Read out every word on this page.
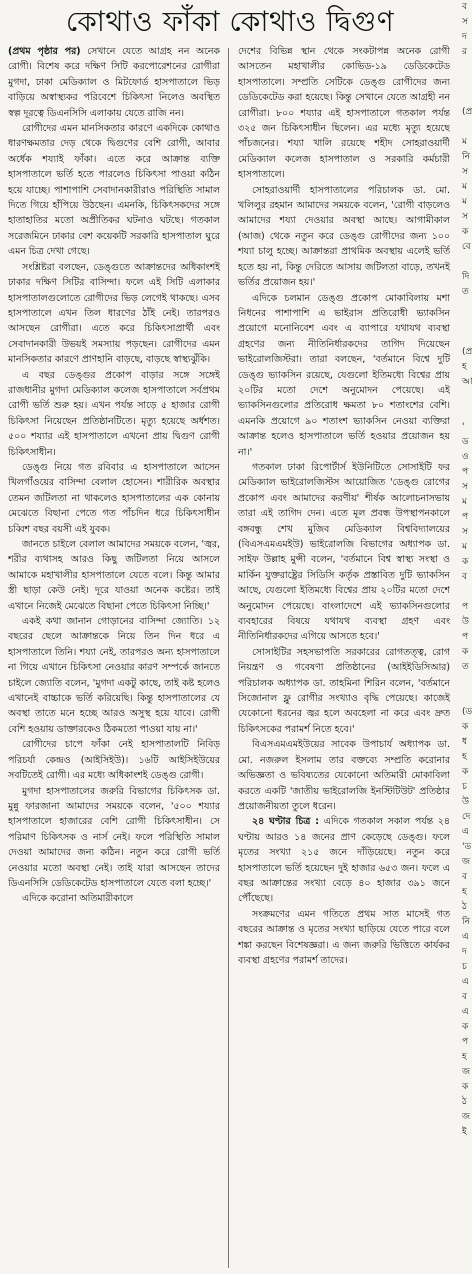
কোথাও ফাঁকা কোথাও দ্বিগুণ

(প্রথম পৃষ্ঠার পর) সেখানে যেতে আগ্রহ নন অনেক রোগী। বিশেষ করে দক্ষিণ সিটি করপোরেশনের রোগীরা মুগদা, ঢাকা মেডিক্যাল ও মিটফোর্ড হাসপাতালে ভিড় বাড়িয়ে অস্বাস্থ্যকর পরিবেশে চিকিৎসা নিলেও অবস্থিত স্বল্প দূরত্বে ডিএনসিসি এলাকায় যেতে রাজি নন।

রোগীদের এমন মানসিকতার কারণে একদিকে কোথাও ধারণক্ষমতার দেড় থেকে দ্বিগুণের বেশি রোগী, আবার অর্ধেক শয্যাই ফাঁকা। এতে করে আক্রান্ত ব্যক্তি হাসপাতালে ভর্তি হতে পারলেও চিকিৎসা পাওয়া কঠিন হয়ে যাচ্ছে। পাশাপাশি সেবাদানকারীরাও পরিস্থিতি সামাল দিতে গিয়ে হাঁপিয়ে উঠছেন। এমনকি, চিকিৎসকদের সঙ্গে হাতাহাতির মতো অপ্রীতিকর ঘটনাও ঘটছে। গতকাল সরেজমিনে ঢাকার বেশ কয়েকটি সরকারি হাসপাতাল ঘুরে এমন চিত্র দেখা গেছে।

সংশ্লিষ্টরা বলছেন, ডেঙ্গুতে আক্রান্তদের অধিকাংশই ঢাকার দক্ষিণ সিটির বাসিন্দা। ফলে এই সিটি এলাকার হাসপাতালগুলোতে রোগীদের ভিড় লেগেই থাকছে। এসব হাসপাতালে এখন তিল ধারণের ঠাঁই নেই। তারপরও আসছেন রোগীরা। এতে করে চিকিৎসাপ্রার্থী এবং সেবাদানকারী উভয়ই সমস্যায় পড়ছেন। রোগীদের এমন মানসিকতার কারণে প্রাণহানি বাড়ছে, বাড়ছে স্বাস্থ্যঝুঁকি।

এ বছর ডেঙ্গুর প্রকোপ বাড়ার সঙ্গে সঙ্গেই রাজধানীর মুগদা মেডিক্যাল কলেজ হাসপাতালে সর্বপ্রথম রোগী ভর্তি শুরু হয়। এখন পর্যন্ত সাড়ে ৫ হাজার রোগী চিকিৎসা নিয়েছেন প্রতিষ্ঠানটিতে। মৃত্যু হয়েছে অর্ধশত। ৫০০ শয্যার এই হাসপাতালে এখনো প্রায় দ্বিগুণ রোগী চিকিৎসাধীন।

ডেঙ্গু নিয়ে গত রবিবার এ হাসপাতালে আসেন খিলগাঁওয়ের বাসিন্দা বেলাল হোসেন। শারীরিক অবস্থার তেমন জটিলতা না থাকলেও হাসপাতালের এক কোনায় মেঝেতে বিছানা পেতে গত পাঁচদিন ধরে চিকিৎসাধীন চব্বিশ বছর বয়সী এই যুবক।

জানতে চাইলে বেলাল আমাদের সময়কে বলেন, 'জ্বর, শরীর ব্যথাসহ আরও কিছু জটিলতা নিয়ে আসলে আমাকে মহাখালীর হাসপাতালে যেতে বলে। কিন্তু আমার স্ত্রী ছাড়া কেউ নেই। দূরে যাওয়া অনেক কষ্টের। তাই এখানে নিজেই মেঝেতে বিছানা পেতে চিকিৎসা নিচ্ছি।'

একই কথা জানান গোড়ানের বাসিন্দা জ্যোতি। ১২ বছরের ছেলে আক্রান্তকে নিয়ে তিন দিন ধরে এ হাসপাতালে তিনি। শয্যা নেই, তারপরও অন্য হাসপাতালে না গিয়ে এখানে চিকিৎসা নেওয়ার কারণ সম্পর্কে জানতে চাইলে জ্যোতি বলেন, 'মুগদা একটু কাছে, তাই কষ্ট হলেও এখানেই বাচ্চাকে ভর্তি করিয়েছি। কিন্তু হাসপাতালের যে অবস্থা তাতে মনে হচ্ছে আরও অসুস্থ হয়ে যাবে। রোগী বেশি হওয়ায় ডাক্তারকেও ঠিকমতো পাওয়া যায় না।'

রোগীদের চাপে ফাঁকা নেই হাসপাতালটি নিবিড় পরিচর্যা কেন্দ্রও (আইসিইউ)। ১৬টি আইসিইউয়ের সবটিতেই রোগী। এর মধ্যে অধিকাংশই ডেঙ্গু রোগী।

মুগদা হাসপাতালের জরুরি বিভাগের চিকিৎসক ডা. মুন্নু ফারজানা আমাদের সময়কে বলেন, '৫০০ শয্যার হাসপাতালে হাজারের বেশি রোগী চিকিৎসাধীন। সে পরিমাণ চিকিৎসক ও নার্স নেই। ফলে পরিস্থিতি সামাল দেওয়া আমাদের জন্য কঠিন। নতুন করে রোগী ভর্তি নেওয়ার মতো অবস্থা নেই। তাই যারা আসছেন তাদের ডিএনসিসি ডেডিকেটেড হাসপাতালে যেতে বলা হচ্ছে।'

এদিকে করোনা অতিমারীকালে

দেশের বিভিন্ন স্থান থেকে সংকটাপন্ন অনেক রোগী আসতেন মহাখালীর কোভিড-১৯ ডেডিকেটেড হাসপাতালে। সম্প্রতি সেটিকে ডেঙ্গু রোগীদের জন্য ডেডিকেটেড করা হয়েছে। কিন্তু সেখানে যেতে আগ্রহী নন রোগীরা। ৮০০ শয্যার এই হাসপাতালে গতকাল পর্যন্ত ৩২৫ জন চিকিৎসাধীন ছিলেন। এর মধ্যে মৃত্যু হয়েছে পাঁচজনের। শয্যা খালি রয়েছে শহীদ সোহরাওয়ার্দী মেডিক্যাল কলেজ হাসপাতাল ও সরকারি কর্মচারী হাসপাতালে।

সোহরাওয়ার্দী হাসপাতালের পরিচালক ডা. মো. খলিলুর রহমান আমাদের সময়কে বলেন, 'রোগী বাড়লেও আমাদের শয্যা দেওয়ার অবস্থা আছে। আগামীকাল (আজ) থেকে নতুন করে ডেঙ্গু রোগীদের জন্য ১০০ শয্যা চালু হচ্ছে। আক্রান্তরা প্রাথমিক অবস্থায় এলেই ভর্তি হতে হয় না, কিন্তু দেরিতে আসায় জটিলতা বাড়ে, তখনই ভর্তির প্রয়োজন হয়।'

এদিকে চলমান ডেঙ্গু প্রকোপ মোকাবিলায় মশা নিধনের পাশাপাশি এ ভাইরাস প্রতিরোধী ভ্যাকসিন প্রয়োগে মনোনিবেশ এবং এ ব্যাপারে যথাযথ ব্যবস্থা গ্রহণের জন্য নীতিনির্ধারকদের তাগিদ দিয়েছেন ভাইরোলজিস্টরা। তারা বলছেন, 'বর্তমানে বিশ্বে দুটি ডেঙ্গু ভ্যাকসিন রয়েছে, যেগুলো ইতিমধ্যে বিশ্বের প্রায় ২০টির মতো দেশে অনুমোদন পেয়েছে। এই ভ্যাকসিনগুলোর প্রতিরোধ ক্ষমতা ৮০ শতাংশের বেশি। এমনকি প্রয়োগে ৯০ শতাংশ ভ্যাকসিন নেওয়া ব্যক্তিরা আক্রান্ত হলেও হাসপাতালে ভর্তি হওয়ার প্রয়োজন হয় না।'

গতকাল ঢাকা রিপোর্টার্স ইউনিটিতে সোসাইটি ফর মেডিক্যাল ভাইরোলজিস্টস আয়োজিত 'ডেঙ্গু রোগের প্রকোপ এবং আমাদের করণীয়' শীর্ষক আলোচনাসভায় তারা এই তাগিদ দেন। এতে মূল প্রবন্ধ উপস্থাপনকালে বঙ্গবন্ধু শেখ মুজিব মেডিক্যাল বিশ্ববিদ্যালয়ের (বিএসএমএমইউ) ভাইরোলজি বিভাগের অধ্যাপক ডা. সাইফ উল্লাহ মুন্সী বলেন, 'বর্তমানে বিশ্ব স্বাস্থ্য সংস্থা ও মার্কিন যুক্তরাষ্ট্রের সিডিসি কর্তৃক প্রস্তাবিত দুটি ভ্যাকসিন আছে, যেগুলো ইতিমধ্যে বিশ্বের প্রায় ২০টির মতো দেশে অনুমোদন পেয়েছে। বাংলাদেশে এই ভ্যাকসিনগুলোর ব্যবহারের বিষয়ে যথাযথ ব্যবস্থা গ্রহণ এবং নীতিনির্ধারকদের এগিয়ে আসতে হবে।'

সোসাইটির সহসভাপতি সরকারের রোগতত্ত্ব, রোগ নিয়ন্ত্রণ ও গবেষণা প্রতিষ্ঠানের (আইইডিসিআর) পরিচালক অধ্যাপক ডা. তাহমিনা শিরিন বলেন, 'বর্তমানে সিজোনাল ফ্লু রোগীর সংখ্যাও বৃদ্ধি পেয়েছে। কাজেই যেকোনো ধরনের জ্বর হলে অবহেলা না করে এবং দ্রুত চিকিৎসকের পরামর্শ নিতে হবে।'

বিএসএমএমইউয়ের সাবেক উপাচার্য অধ্যাপক ডা. মো. নজরুল ইসলাম তার বক্তব্যে সম্প্রতি করোনার অভিজ্ঞতা ও ভবিষ্যতের যেকোনো অতিমারী মোকাবিলা করতে একটি 'জাতীয় ভাইরোলজি ইনস্টিটিউট' প্রতিষ্ঠার প্রয়োজনীয়তা তুলে ধরেন।

২৪ ঘণ্টার চিত্র : এদিকে গতকাল সকাল পর্যন্ত ২৪ ঘণ্টায় আরও ১৪ জনের প্রাণ কেড়েছে ডেঙ্গু। ফলে মৃতের সংখ্যা ২১৫ জনে দাঁড়িয়েছে। নতুন করে হাসপাতালে ভর্তি হয়েছেন দুই হাজার ৬৫৩ জন। ফলে এ বছর আক্রান্তের সংখ্যা বেড়ে ৪০ হাজার ৩৯১ জনে পৌঁছেছে।

সংক্রমণের এমন গতিতে প্রথম সাত মাসেই গত বছরের আক্রান্ত ও মৃতের সংখ্যা ছাড়িয়ে যেতে পারে বলে শঙ্কা করছেন বিশেষজ্ঞরা। এ জন্য জরুরি ভিত্তিতে কার্যকর ব্যবস্থা গ্রহণের পরামর্শ তাদের।

ব
স
দ
র

(প্র

ম
নি
স
ম
ম
স
ক
বে

দি
ত

(প্র
হ
আ

'
ড
ও
প
স
ম
প
স
ম
ক
ব

প
উ
প
ক
ত

(ড
ক
ধ
হ
ক
চ
উ
দে
এ
'ড
জ
ব
হ
ঠ
নি
এ
দ
চ
এ
ব
এ
ক
প
হ
জ
ক
ঠ
জ
ই
